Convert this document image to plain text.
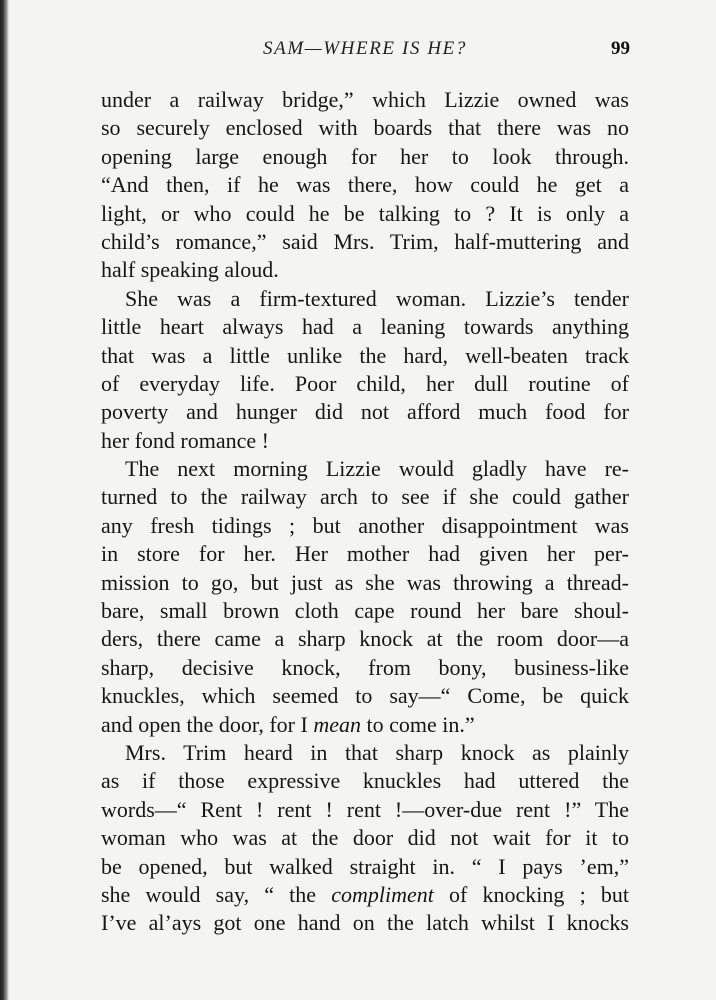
SAM—WHERE IS HE?	99
under a railway bridge,” which Lizzie owned was
so securely enclosed with boards that there was no
opening large enough for her to look through.
“And then, if he was there, how could he get a
light, or who could he be talking to ? It is only a
child’s romance,” said Mrs. Trim, half-muttering and
half speaking aloud.
She was a firm-textured woman. Lizzie’s tender
little heart always had a leaning towards anything
that was a little unlike the hard, well-beaten track
of everyday life. Poor child, her dull routine of
poverty and hunger did not afford much food for
her fond romance !
The next morning Lizzie would gladly have re-
turned to the railway arch to see if she could gather
any fresh tidings ; but another disappointment was
in store for her. Her mother had given her per-
mission to go, but just as she was throwing a thread-
bare, small brown cloth cape round her bare shoul-
ders, there came a sharp knock at the room door—a
sharp, decisive knock, from bony, business-like
knuckles, which seemed to say—“ Come, be quick
and open the door, for I mean to come in.”
Mrs. Trim heard in that sharp knock as plainly
as if those expressive knuckles had uttered the
words—“ Rent ! rent ! rent !—over-due rent !” The
woman who was at the door did not wait for it to
be opened, but walked straight in. “ I pays ’em,”
she would say, “ the compliment of knocking ; but
I’ve al’ays got one hand on the latch whilst I knocks
